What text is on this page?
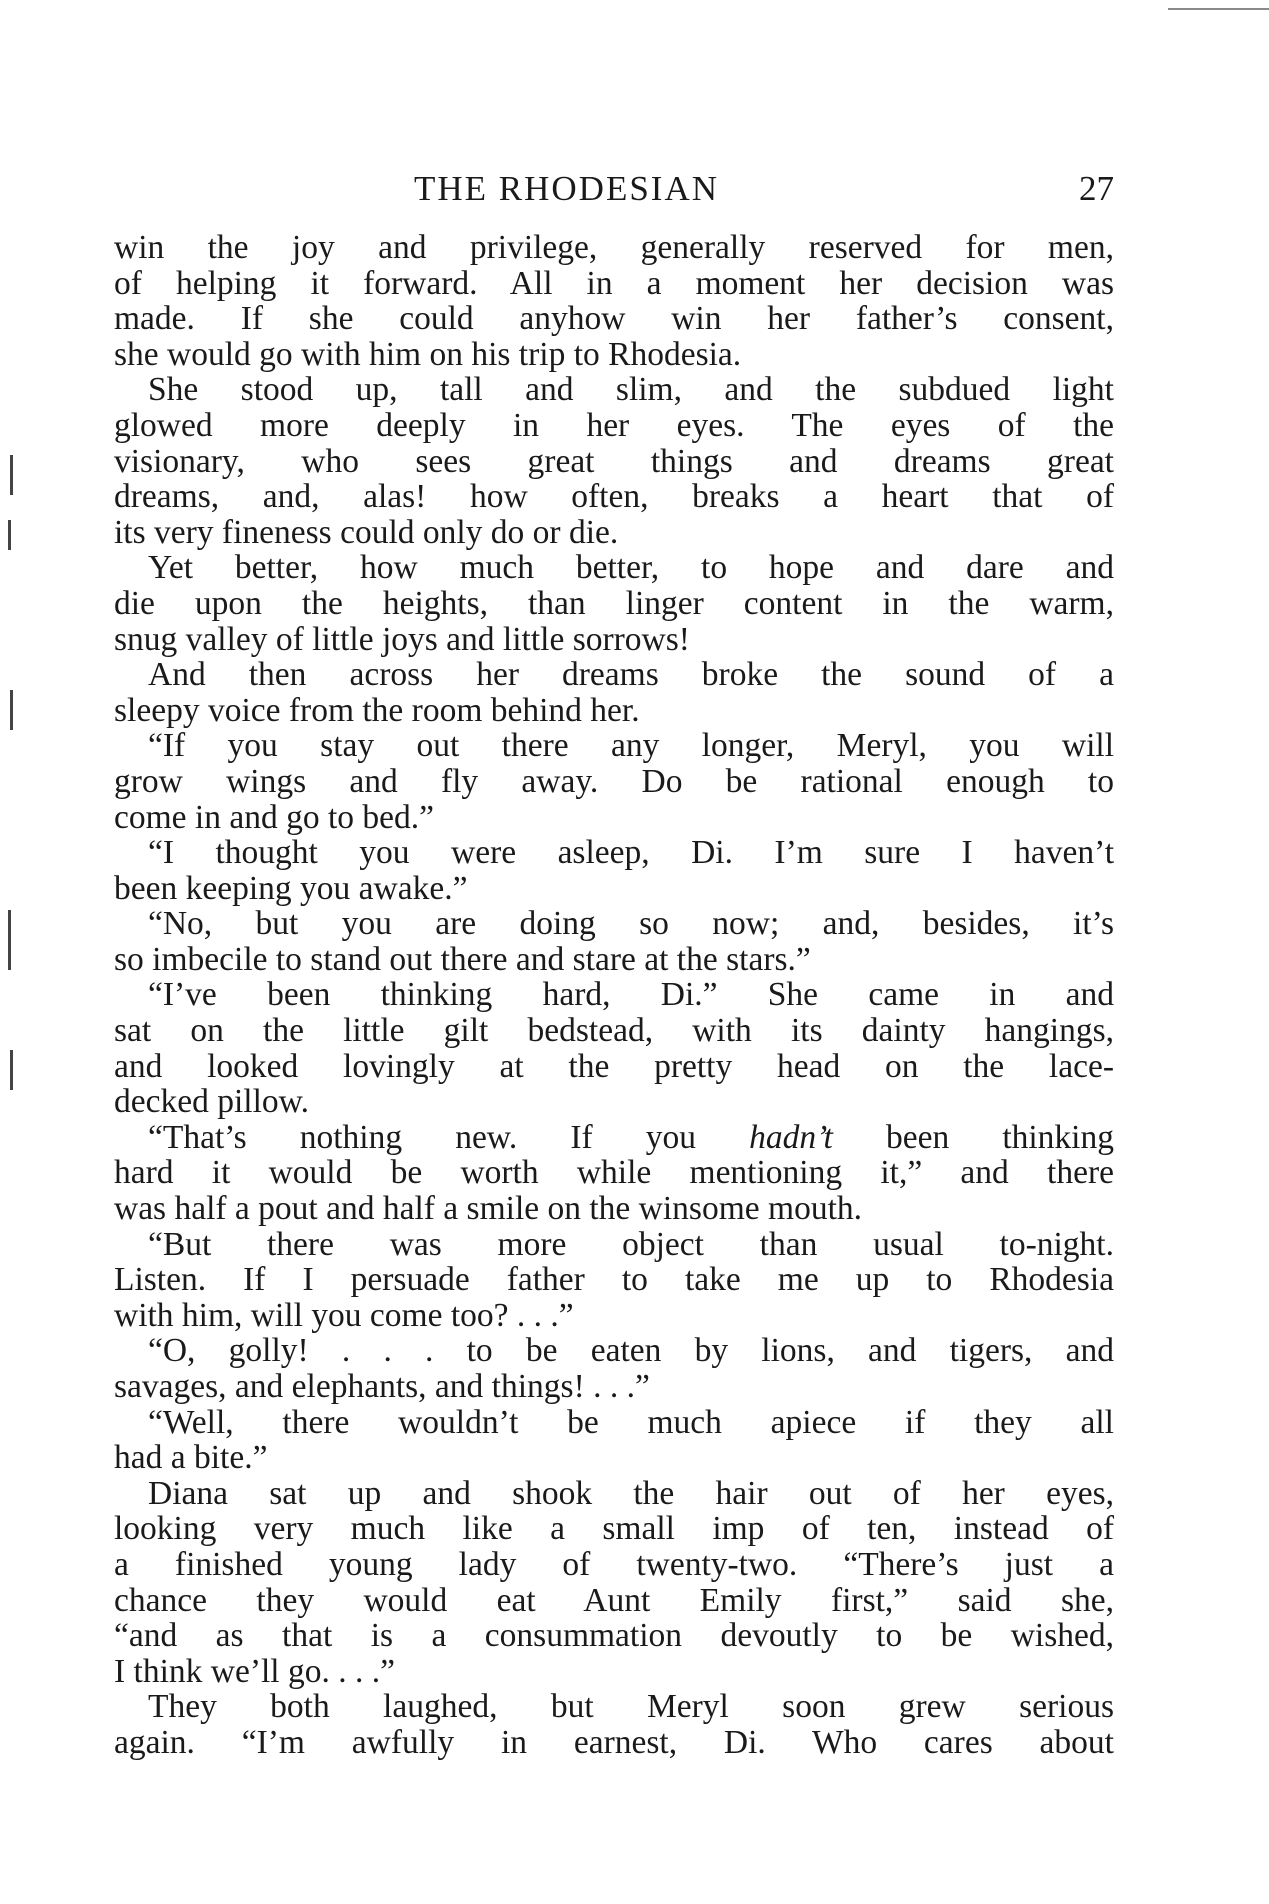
THE RHODESIAN	27
win the joy and privilege, generally reserved for men,
of helping it forward. All in a moment her decision was
made. If she could anyhow win her father’s consent,
she would go with him on his trip to Rhodesia.
She stood up, tall and slim, and the subdued light
glowed more deeply in her eyes. The eyes of the
visionary, who sees great things and dreams great
dreams, and, alas! how often, breaks a heart that of
its very fineness could only do or die.
Yet better, how much better, to hope and dare and
die upon the heights, than linger content in the warm,
snug valley of little joys and little sorrows!
And then across her dreams broke the sound of a
sleepy voice from the room behind her.
“If you stay out there any longer, Meryl, you will
grow wings and fly away. Do be rational enough to
come in and go to bed.”
“I thought you were asleep, Di. I’m sure I haven’t
been keeping you awake.”
“No, but you are doing so now; and, besides, it’s
so imbecile to stand out there and stare at the stars.”
“I’ve been thinking hard, Di.” She came in and
sat on the little gilt bedstead, with its dainty hangings,
and looked lovingly at the pretty head on the lace-
decked pillow.
“That’s nothing new. If you hadn’t been thinking
hard it would be worth while mentioning it,” and there
was half a pout and half a smile on the winsome mouth.
“But there was more object than usual to-night.
Listen. If I persuade father to take me up to Rhodesia
with him, will you come too? . . .”
“O, golly! . . . to be eaten by lions, and tigers, and
savages, and elephants, and things! . . .”
“Well, there wouldn’t be much apiece if they all
had a bite.”
Diana sat up and shook the hair out of her eyes,
looking very much like a small imp of ten, instead of
a finished young lady of twenty-two. “There’s just a
chance they would eat Aunt Emily first,” said she,
“and as that is a consummation devoutly to be wished,
I think we’ll go. . . .”
They both laughed, but Meryl soon grew serious
again. “I’m awfully in earnest, Di. Who cares about
